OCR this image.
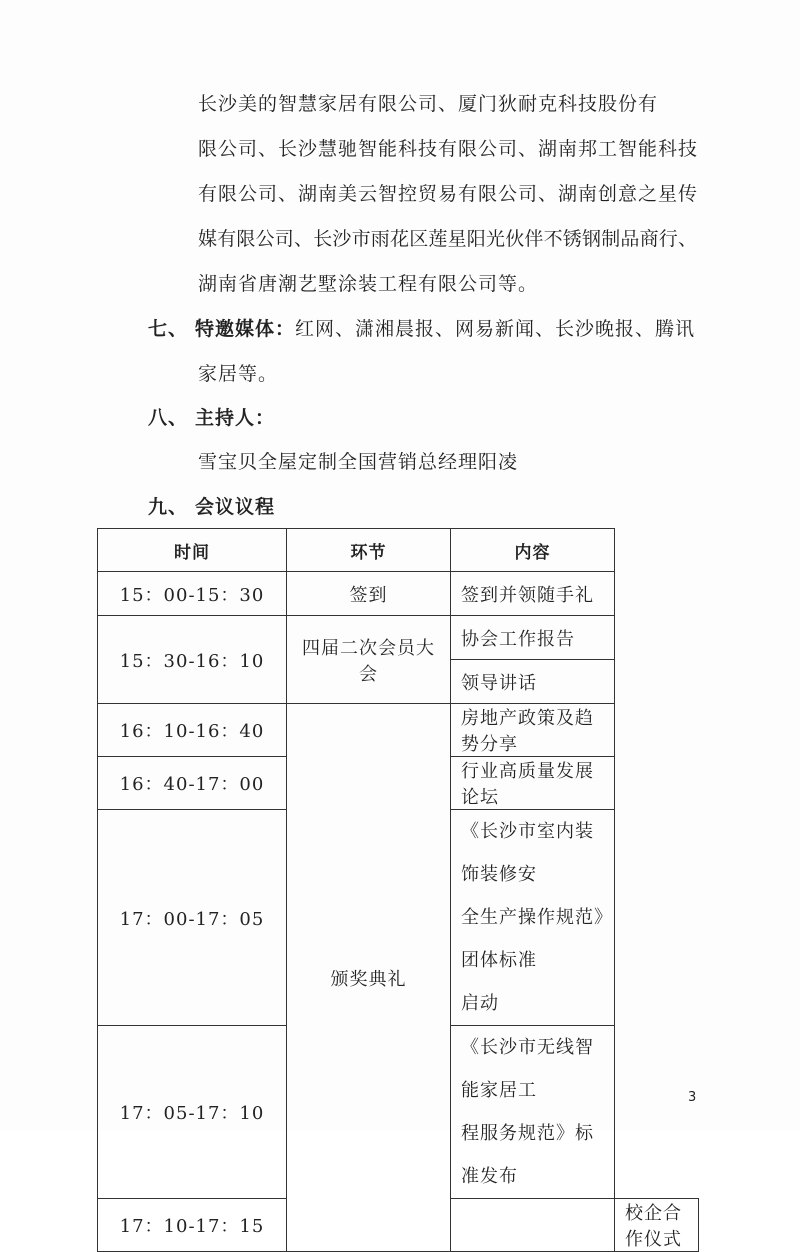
长沙美的智慧家居有限公司、厦门狄耐克科技股份有
限公司、长沙慧驰智能科技有限公司、湖南邦工智能科技
有限公司、湖南美云智控贸易有限公司、湖南创意之星传
媒有限公司、长沙市雨花区莲星阳光伙伴不锈钢制品商行、
湖南省唐潮艺墅涂装工程有限公司等。
七、 特邀媒体：红网、潇湘晨报、网易新闻、长沙晚报、腾讯
家居等。
八、 主持人：
雪宝贝全屋定制全国营销总经理阳凌
九、 会议议程
时间	环节	内容	
15：00-15：30	签到	签到并领随手礼	
15：30-16：10	四届二次会员大会	协会工作报告	
		领导讲话	
16：10-16：40	颁奖典礼	房地产政策及趋势分享	
16：40-17：00		行业高质量发展论坛	
17：00-17：05		《长沙市室内装饰装修安
全生产操作规范》团体标准
启动	

17：05-17：10		《长沙市无线智能家居工
程服务规范》标准发布	

17：10-17：15			校企合作仪式
3
